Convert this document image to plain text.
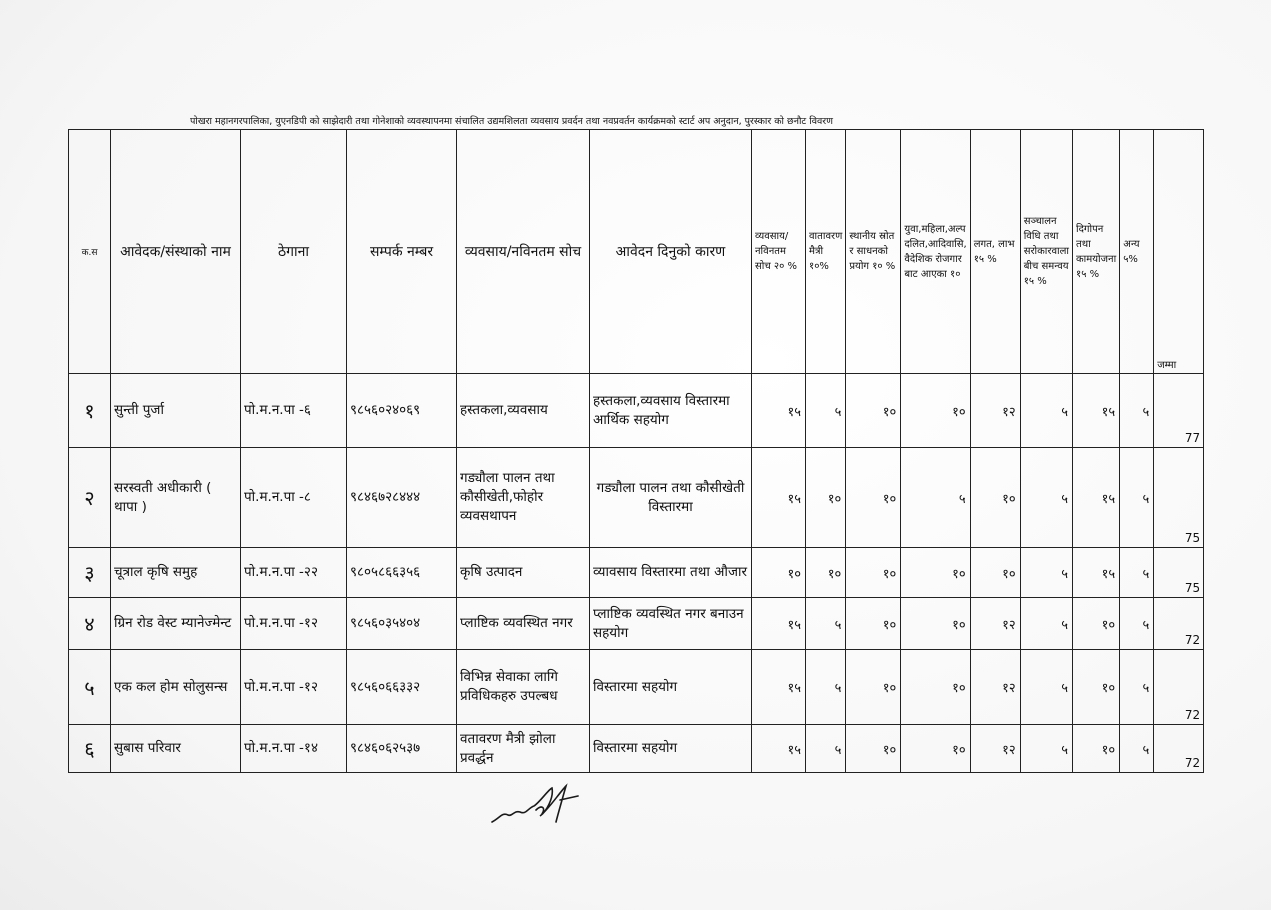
पोखरा महानगरपालिका, युएनडिपी को साझेदारी तथा गोनेशाको व्यवस्थापनमा संचालित उद्यमशिलता व्यवसाय प्रवर्दन तथा नवप्रवर्तन कार्यक्रमको स्टार्ट अप अनुदान, पुरस्कार को छनौट विवरण
क.स	आवेदक/संस्थाको नाम	ठेगाना	सम्पर्क नम्बर	व्यवसाय/नविनतम सोच	आवेदन दिनुको कारण	व्यवसाय/ नविनतम सोच २० %	वातावरण मैत्री १०%	स्थानीय स्रोत र साधनको प्रयोग १० %	युवा,महिला,अल्प दलित,आदिवासि, वैदेशिक रोजगार बाट आएका १०	लगत, लाभ १५ %	सञ्चालन विधि तथा सरोकारवाला बीच समन्वय १५ %	दिगोपन तथा कामयोजना १५ %	अन्य ५%	जम्मा
१	सुन्ती पुर्जा	पो.म.न.पा -६	९८५६०२४०६९	हस्तकला,व्यवसाय	हस्तकला,व्यवसाय विस्तारमा आर्थिक सहयोग	१५	५	१०	१०	१२	५	१५	५	77
२	सरस्वती अधीकारी ( थापा )	पो.म.न.पा -८	९८४६७२८४४४	गड्यौला पालन तथा कौसीखेती,फोहोर व्यवसथापन	गड्यौला पालन तथा कौसीखेती विस्तारमा	१५	१०	१०	५	१०	५	१५	५	75
३	चूत्राल कृषि समुह	पो.म.न.पा -२२	९८०५८६६३५६	कृषि उत्पादन	व्यावसाय विस्तारमा तथा औजार	१०	१०	१०	१०	१०	५	१५	५	75
४	ग्रिन रोड वेस्ट म्यानेज्मेन्ट	पो.म.न.पा -१२	९८५६०३५४०४	प्लाष्टिक व्यवस्थित नगर	प्लाष्टिक व्यवस्थित नगर बनाउन सहयोग	१५	५	१०	१०	१२	५	१०	५	72
५	एक कल होम सोलुसन्स	पो.म.न.पा -१२	९८५६०६६३३२	विभिन्न सेवाका लागि प्रविधिकहरु उपल्बध	विस्तारमा सहयोग	१५	५	१०	१०	१२	५	१०	५	72
६	सुबास परिवार	पो.म.न.पा -१४	९८४६०६२५३७	वतावरण मैत्री झोला प्रवर्द्धन	विस्तारमा सहयोग	१५	५	१०	१०	१२	५	१०	५	72
